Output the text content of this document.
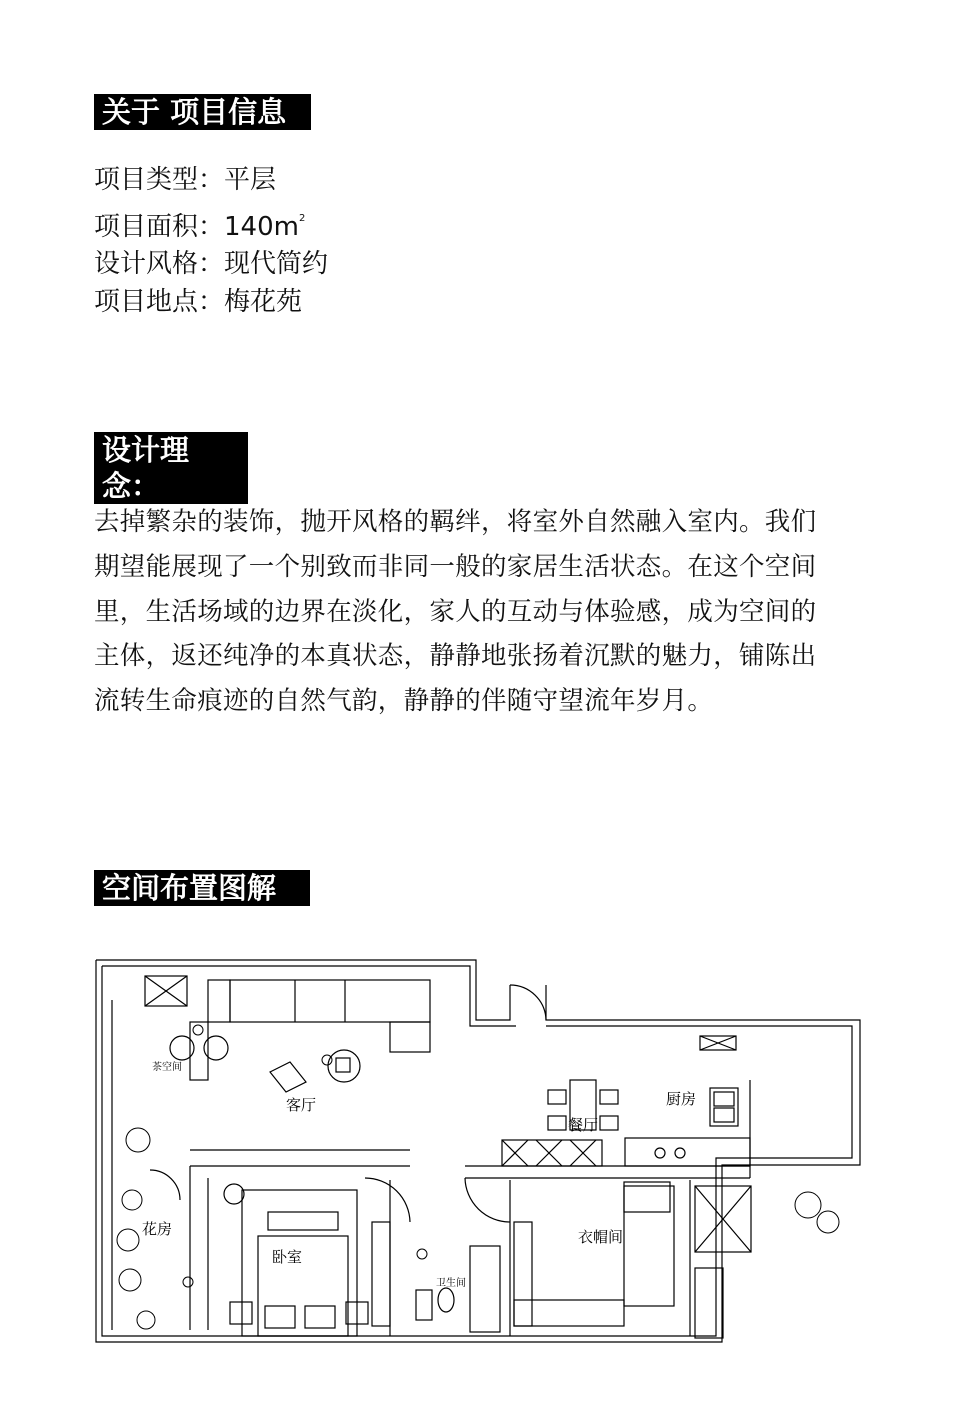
关于 项目信息
项目类型：平层
项目面积：$140m^2$
设计风格：现代简约
项目地点：梅花苑
设计理念：
去掉繁杂的装饰，抛开风格的羁绊，将室外自然融入室内。我们
期望能展现了一个别致而非同一般的家居生活状态。在这个空间
里，生活场域的边界在淡化，家人的互动与体验感，成为空间的
主体，返还纯净的本真状态，静静地张扬着沉默的魅力，铺陈出
流转生命痕迹的自然气韵，静静的伴随守望流年岁月。
空间布置图解
茶空间
客厅
餐厅
厨房
花房
卧室
卫生间
衣帽间
